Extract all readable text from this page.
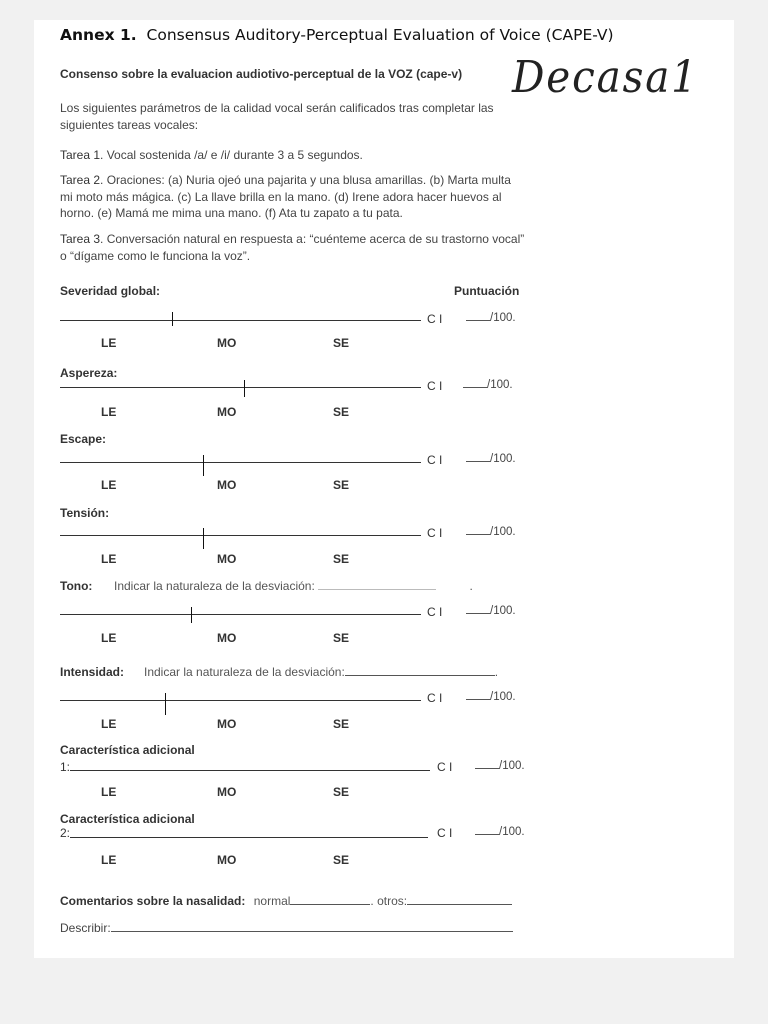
Annex 1. Consensus Auditory-Perceptual Evaluation of Voice (CAPE-V)
Consenso sobre la evaluacion audiotivo-perceptual de la VOZ (cape-v) Decasa1
Los siguientes parámetros de la calidad vocal serán calificados tras completar las siguientes tareas vocales:
Tarea 1. Vocal sostenida /a/ e /i/ durante 3 a 5 segundos.
Tarea 2. Oraciones: (a) Nuria ojeó una pajarita y una blusa amarillas. (b) Marta multa mi moto más mágica. (c) La llave brilla en la mano. (d) Irene adora hacer huevos al horno. (e) Mamá me mima una mano. (f) Ata tu zapato a tu pata.
Tarea 3. Conversación natural en respuesta a: “cuénteme acerca de su trastorno vocal” o “dígame como le funciona la voz”.
Puntuación
Severidad global:
C I	/100.
LE	MO	SE
Aspereza:
C I	/100.
LE	MO	SE
Escape:
C I	/100.
LE	MO	SE
Tensión:
C I	/100.
LE	MO	SE
Tono: Indicar la naturaleza de la desviación:	.
C I	/100.
LE	MO	SE
Intensidad: Indicar la naturaleza de la desviación:	.
C I	/100.
LE	MO	SE
Característica adicional
1:	C I	/100.
LE	MO	SE
Característica adicional
2:	C I	/100.
LE	MO	SE
Comentarios sobre la nasalidad: normal	. otros:
Describir:
